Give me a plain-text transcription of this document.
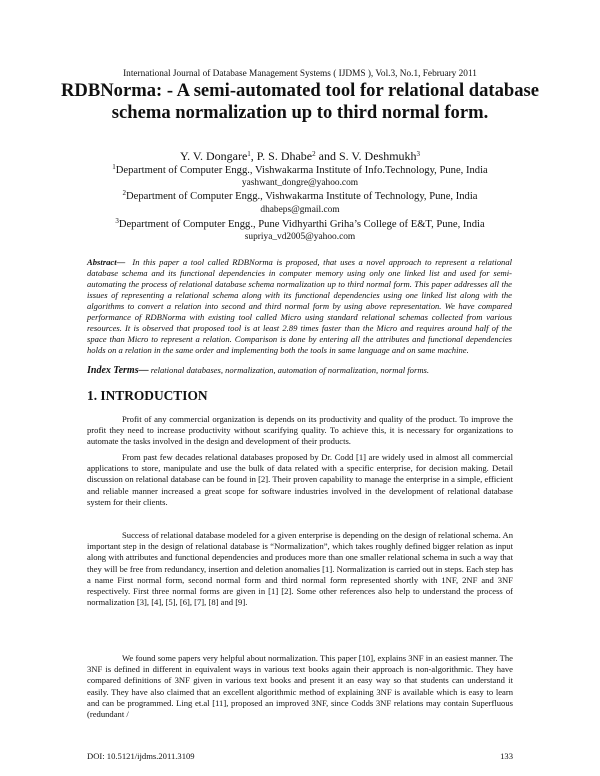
International Journal of Database Management Systems ( IJDMS ), Vol.3, No.1, February 2011
RDBNorma: - A semi-automated tool for relational database schema normalization up to third normal form.
Y. V. Dongare$^1$, P. S. Dhabe$^2$ and S. V. Deshmukh$^3$
$^1$Department of Computer Engg., Vishwakarma Institute of Info.Technology, Pune, India
yashwant_dongre@yahoo.com
$^2$Department of Computer Engg., Vishwakarma Institute of Technology, Pune, India
dhabeps@gmail.com
$^3$Department of Computer Engg., Pune Vidhyarthi Griha’s College of E&T, Pune, India
supriya_vd2005@yahoo.com

Abstract— In this paper a tool called RDBNorma is proposed, that uses a novel approach to represent a relational database schema and its functional dependencies in computer memory using only one linked list and used for semi-automating the process of relational database schema normalization up to third normal form. This paper addresses all the issues of representing a relational schema along with its functional dependencies using one linked list along with the algorithms to convert a relation into second and third normal form by using above representation. We have compared performance of RDBNorma with existing tool called Micro using standard relational schemas collected from various resources. It is observed that proposed tool is at least 2.89 times faster than the Micro and requires around half of the space than Micro to represent a relation. Comparison is done by entering all the attributes and functional dependencies holds on a relation in the same order and implementing both the tools in same language and on same machine.

Index Terms— relational databases, normalization, automation of normalization, normal forms.

1. INTRODUCTION

Profit of any commercial organization is depends on its productivity and quality of the product. To improve the profit they need to increase productivity without scarifying quality. To achieve this, it is necessary for organizations to automate the tasks involved in the design and development of their products.

From past few decades relational databases proposed by Dr. Codd [1] are widely used in almost all commercial applications to store, manipulate and use the bulk of data related with a specific enterprise, for decision making. Detail discussion on relational database can be found in [2]. Their proven capability to manage the enterprise in a simple, efficient and reliable manner increased a great scope for software industries involved in the development of relational database system for their clients.

Success of relational database modeled for a given enterprise is depending on the design of relational schema. An important step in the design of relational database is “Normalization”, which takes roughly defined bigger relation as input along with attributes and functional dependencies and produces more than one smaller relational schema in such a way that they will be free from redundancy, insertion and deletion anomalies [1]. Normalization is carried out in steps. Each step has a name First normal form, second normal form and third normal form represented shortly with 1NF, 2NF and 3NF respectively. First three normal forms are given in [1] [2]. Some other references also help to understand the process of normalization [3], [4], [5], [6], [7], [8] and [9].

We found some papers very helpful about normalization. This paper [10], explains 3NF in an easiest manner. The 3NF is defined in different in equivalent ways in various text books again their approach is non-algorithmic. They have compared definitions of 3NF given in various text books and present it an easy way so that students can understand it easily. They have also claimed that an excellent algorithmic method of explaining 3NF is available which is easy to learn and can be programmed. Ling et.al [11], proposed an improved 3NF, since Codds 3NF relations may contain Superfluous (redundant /

DOI: 10.5121/ijdms.2011.3109	133
